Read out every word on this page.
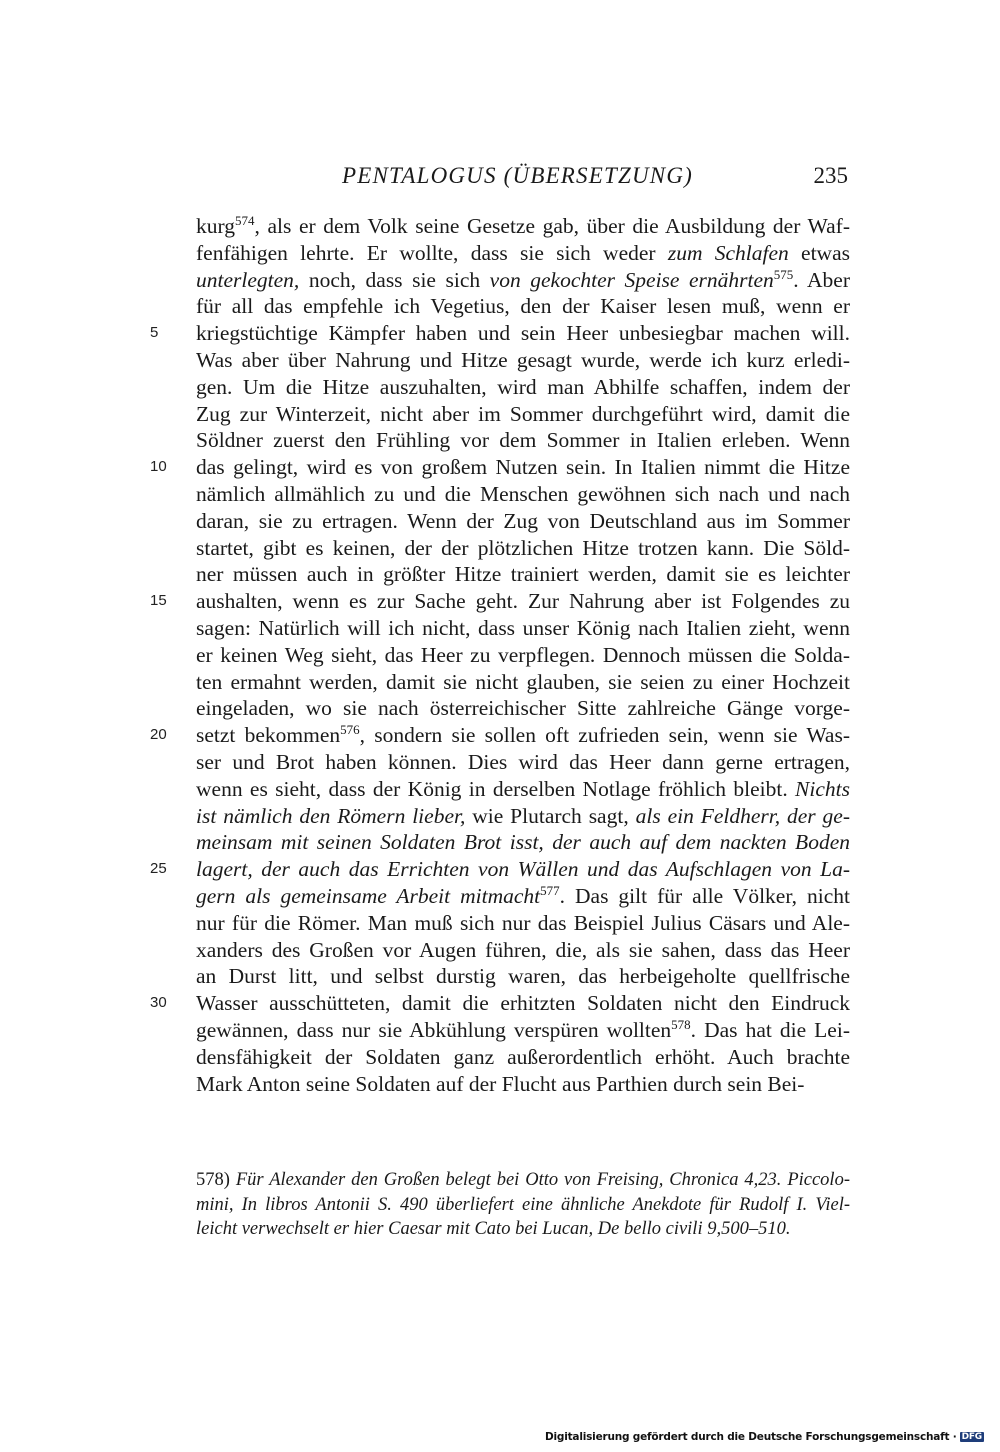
PENTALOGUS (ÜBERSETZUNG)	235
kurg$^{574}$, als er dem Volk seine Gesetze gab, über die Ausbildung der Waf-
fenfähigen lehrte. Er wollte, dass sie sich weder zum Schlafen etwas
unterlegten, noch, dass sie sich von gekochter Speise ernährten$^{575}$. Aber
für all das empfehle ich Vegetius, den der Kaiser lesen muß, wenn er
5	kriegstüchtige Kämpfer haben und sein Heer unbesiegbar machen will.
Was aber über Nahrung und Hitze gesagt wurde, werde ich kurz erledi-
gen. Um die Hitze auszuhalten, wird man Abhilfe schaffen, indem der
Zug zur Winterzeit, nicht aber im Sommer durchgeführt wird, damit die
Söldner zuerst den Frühling vor dem Sommer in Italien erleben. Wenn
10	das gelingt, wird es von großem Nutzen sein. In Italien nimmt die Hitze
nämlich allmählich zu und die Menschen gewöhnen sich nach und nach
daran, sie zu ertragen. Wenn der Zug von Deutschland aus im Sommer
startet, gibt es keinen, der der plötzlichen Hitze trotzen kann. Die Söld-
ner müssen auch in größter Hitze trainiert werden, damit sie es leichter
15	aushalten, wenn es zur Sache geht. Zur Nahrung aber ist Folgendes zu
sagen: Natürlich will ich nicht, dass unser König nach Italien zieht, wenn
er keinen Weg sieht, das Heer zu verpflegen. Dennoch müssen die Solda-
ten ermahnt werden, damit sie nicht glauben, sie seien zu einer Hochzeit
eingeladen, wo sie nach österreichischer Sitte zahlreiche Gänge vorge-
20	setzt bekommen$^{576}$, sondern sie sollen oft zufrieden sein, wenn sie Was-
ser und Brot haben können. Dies wird das Heer dann gerne ertragen,
wenn es sieht, dass der König in derselben Notlage fröhlich bleibt. Nichts
ist nämlich den Römern lieber, wie Plutarch sagt, als ein Feldherr, der ge-
meinsam mit seinen Soldaten Brot isst, der auch auf dem nackten Boden
25	lagert, der auch das Errichten von Wällen und das Aufschlagen von La-
gern als gemeinsame Arbeit mitmacht$^{577}$. Das gilt für alle Völker, nicht
nur für die Römer. Man muß sich nur das Beispiel Julius Cäsars und Ale-
xanders des Großen vor Augen führen, die, als sie sahen, dass das Heer
an Durst litt, und selbst durstig waren, das herbeigeholte quellfrische
30	Wasser ausschütteten, damit die erhitzten Soldaten nicht den Eindruck
gewännen, dass nur sie Abkühlung verspüren wollten$^{578}$. Das hat die Lei-
densfähigkeit der Soldaten ganz außerordentlich erhöht. Auch brachte
Mark Anton seine Soldaten auf der Flucht aus Parthien durch sein Bei-
578) Für Alexander den Großen belegt bei Otto von Freising, Chronica 4,23. Piccolo-
mini, In libros Antonii S. 490 überliefert eine ähnliche Anekdote für Rudolf I. Viel-
leicht verwechselt er hier Caesar mit Cato bei Lucan, De bello civili 9,500–510.
Digitalisierung gefördert durch die Deutsche Forschungsgemeinschaft · DFG
